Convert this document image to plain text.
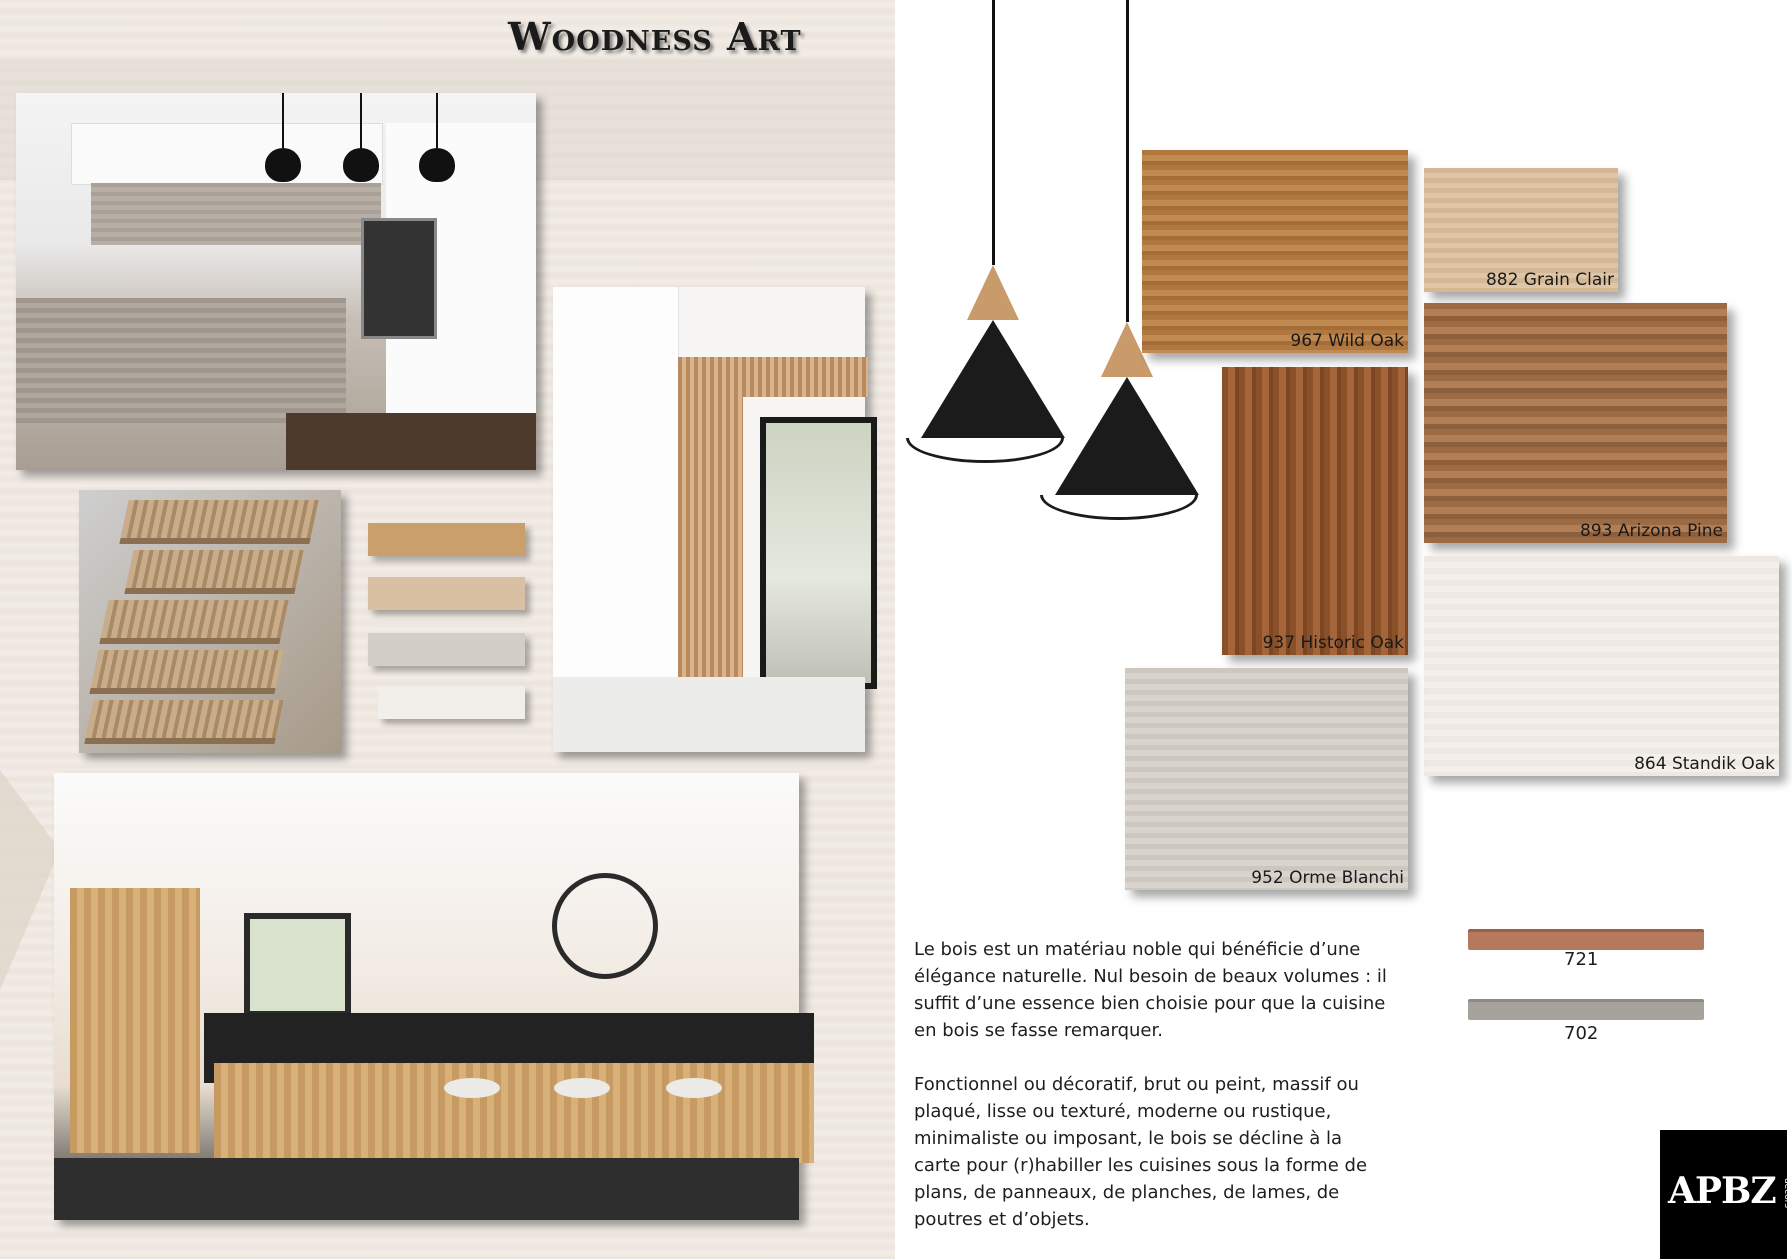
Woodness Art
967 Wild Oak
882 Grain Clair
937 Historic Oak
893 Arizona Pine
864 Standik Oak
952 Orme Blanchi

Le bois est un matériau noble qui bénéficie d’une élégance naturelle. Nul besoin de beaux volumes : il suffit d’une essence bien choisie pour que la cuisine en bois se fasse remarquer.

Fonctionnel ou décoratif, brut ou peint, massif ou plaqué, lisse ou texturé, moderne ou rustique, minimaliste ou imposant, le bois se décline à la carte pour (r)habiller les cuisines sous la forme de plans, de panneaux, de planches, de lames, de poutres et d’objets.

721
702
APBZ décors
